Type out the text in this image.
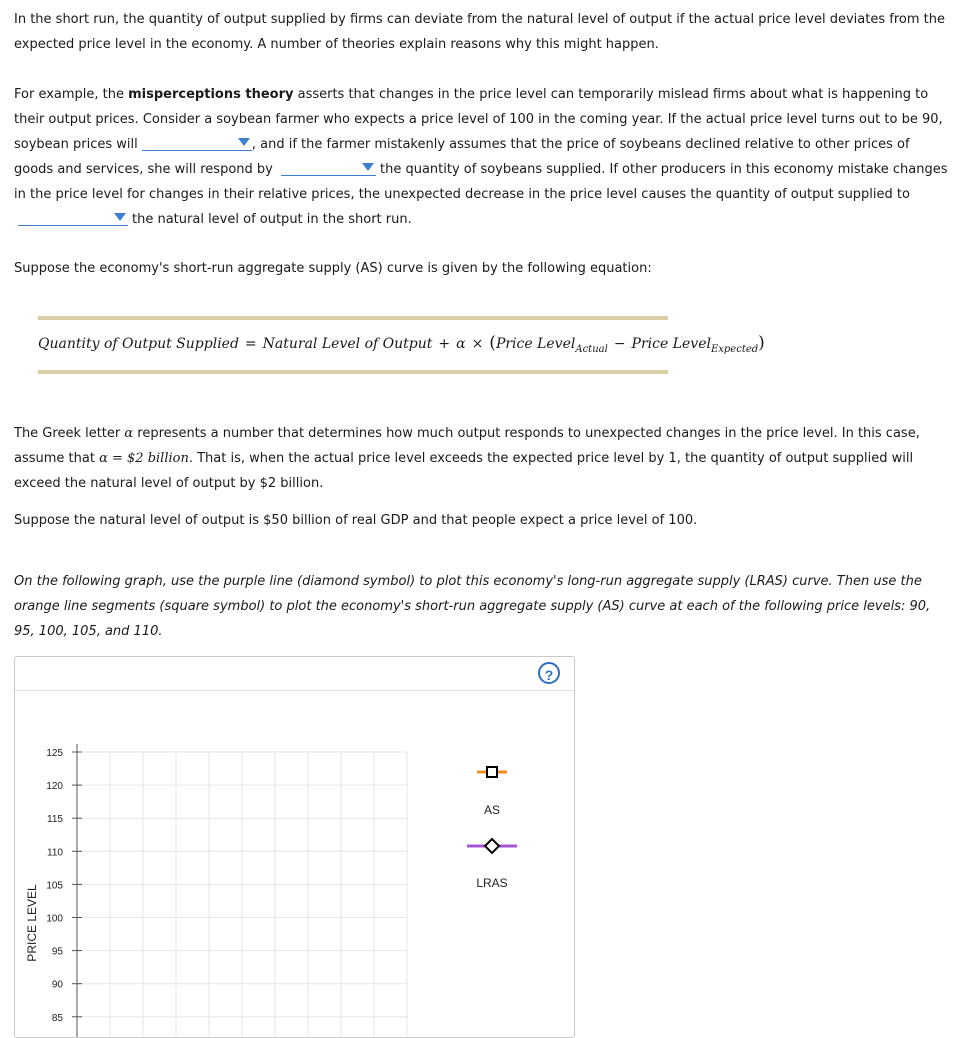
In the short run, the quantity of output supplied by firms can deviate from the natural level of output if the actual price level deviates from the expected price level in the economy. A number of theories explain reasons why this might happen.

For example, the misperceptions theory asserts that changes in the price level can temporarily mislead firms about what is happening to their output prices. Consider a soybean farmer who expects a price level of 100 in the coming year. If the actual price level turns out to be 90, soybean prices will	, and if the farmer mistakenly assumes that the price of soybeans declined relative to other prices of goods and services, she will respond by	the quantity of soybeans supplied. If other producers in this economy mistake changes in the price level for changes in their relative prices, the unexpected decrease in the price level causes the quantity of output supplied to
the natural level of output in the short run.

Suppose the economy's short-run aggregate supply (AS) curve is given by the following equation:

Quantity of Output Supplied = Natural Level of Output + α × (Price Level$_{Actual}$ − Price Level$_{Expected}$)

The Greek letter α represents a number that determines how much output responds to unexpected changes in the price level. In this case, assume that α = $2 billion. That is, when the actual price level exceeds the expected price level by 1, the quantity of output supplied will exceed the natural level of output by $2 billion.

Suppose the natural level of output is $50 billion of real GDP and that people expect a price level of 100.

On the following graph, use the purple line (diamond symbol) to plot this economy's long-run aggregate supply (LRAS) curve. Then use the orange line segments (square symbol) to plot the economy's short-run aggregate supply (AS) curve at each of the following price levels: 90, 95, 100, 105, and 110.

?
125
120
115
110
105
100
95
90
85
PRICE LEVEL
AS
LRAS
